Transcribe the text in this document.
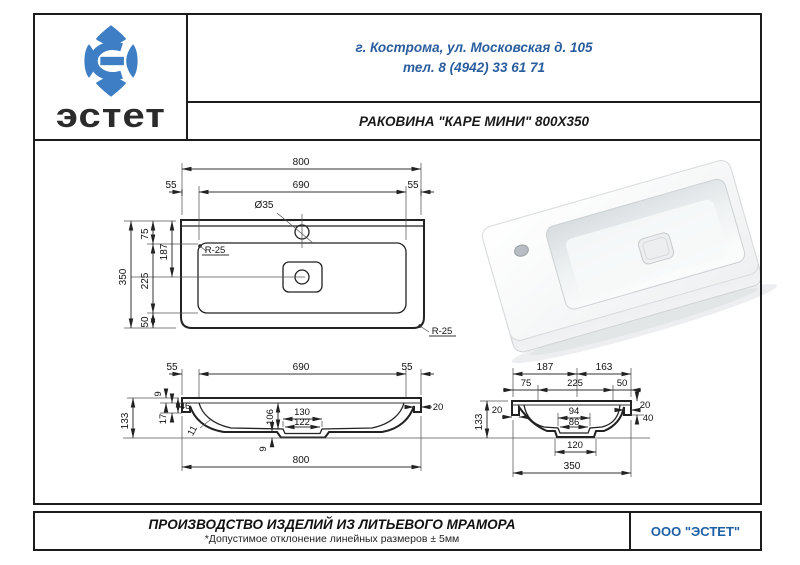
800
55	690	55
Ø35
350
75
225
50
187	R-25
R-25
55	690	55
133
9
17
46
11
106 130
122
9
20
800
187	163
75	225	50
133
20	94
86
20
40
120
350
эстет
г. Кострома, ул. Московская д. 105
тел. 8 (4942) 33 61 71
РАКОВИНА "КАРЕ МИНИ" 800X350
ПРОИЗВОДСТВО ИЗДЕЛИЙ ИЗ ЛИТЬЕВОГО МРАМОРА
*Допустимое отклонение линейных размеров ± 5мм
ООО "ЭСТЕТ"
